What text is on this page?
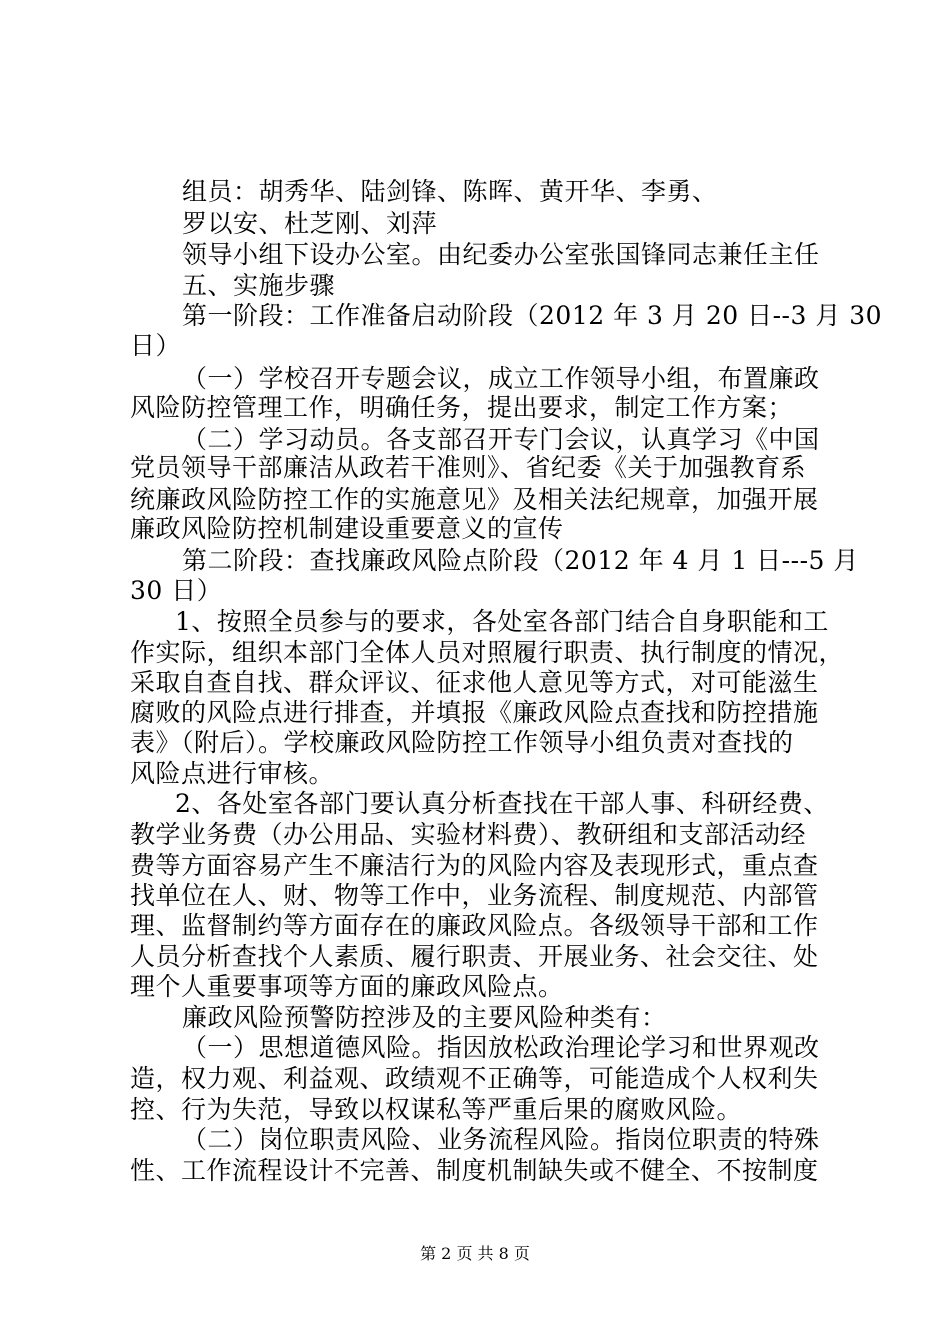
组员：胡秀华、陆剑锋、陈晖、黄开华、李勇、
罗以安、杜芝刚、刘萍
领导小组下设办公室。由纪委办公室张国锋同志兼任主任
五、实施步骤
第一阶段：工作准备启动阶段（2012 年 3 月 20 日--3 月 30
日）
（一）学校召开专题会议，成立工作领导小组，布置廉政
风险防控管理工作，明确任务，提出要求，制定工作方案；
（二）学习动员。各支部召开专门会议，认真学习《中国
党员领导干部廉洁从政若干准则》、省纪委《关于加强教育系
统廉政风险防控工作的实施意见》及相关法纪规章，加强开展
廉政风险防控机制建设重要意义的宣传
第二阶段：查找廉政风险点阶段（2012 年 4 月 1 日---5 月
30 日）
1、按照全员参与的要求，各处室各部门结合自身职能和工
作实际，组织本部门全体人员对照履行职责、执行制度的情况，
采取自查自找、群众评议、征求他人意见等方式，对可能滋生
腐败的风险点进行排查，并填报《廉政风险点查找和防控措施
表》（附后）。学校廉政风险防控工作领导小组负责对查找的
风险点进行审核。
2、各处室各部门要认真分析查找在干部人事、科研经费、
教学业务费（办公用品、实验材料费）、教研组和支部活动经
费等方面容易产生不廉洁行为的风险内容及表现形式，重点查
找单位在人、财、物等工作中，业务流程、制度规范、内部管
理、监督制约等方面存在的廉政风险点。各级领导干部和工作
人员分析查找个人素质、履行职责、开展业务、社会交往、处
理个人重要事项等方面的廉政风险点。
廉政风险预警防控涉及的主要风险种类有：
（一）思想道德风险。指因放松政治理论学习和世界观改
造，权力观、利益观、政绩观不正确等，可能造成个人权利失
控、行为失范，导致以权谋私等严重后果的腐败风险。
（二）岗位职责风险、业务流程风险。指岗位职责的特殊
性、工作流程设计不完善、制度机制缺失或不健全、不按制度
第 2 页 共 8 页
